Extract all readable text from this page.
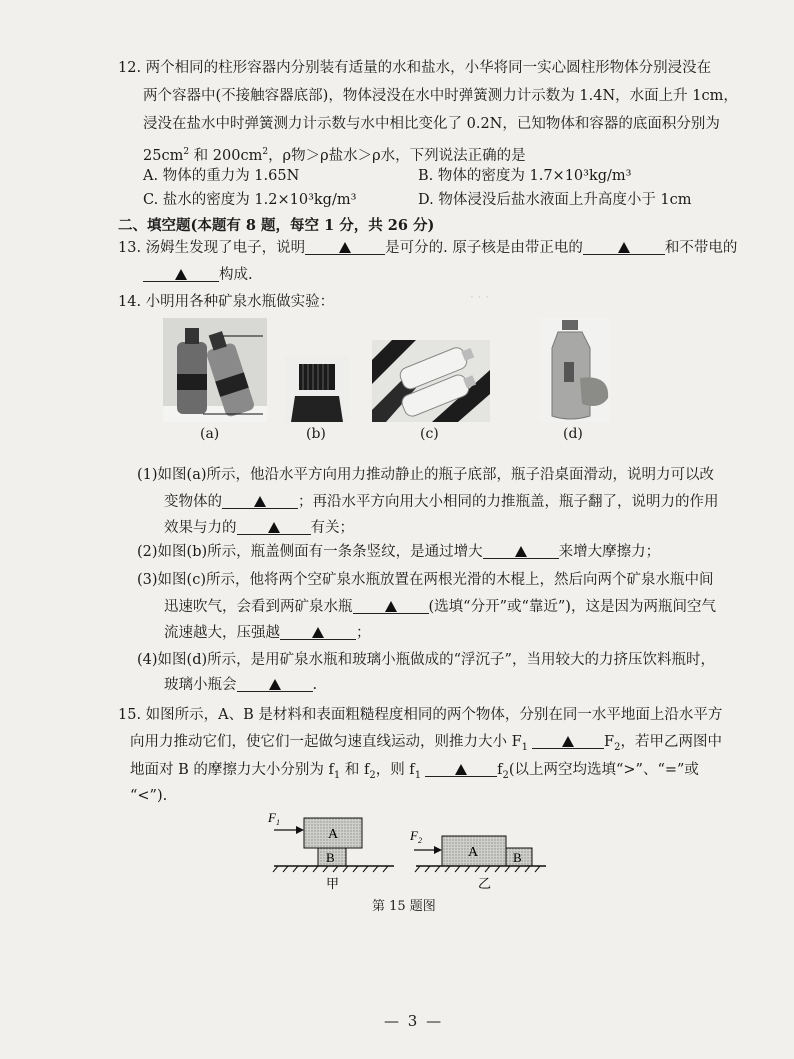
· · ·
12. 两个相同的柱形容器内分别装有适量的水和盐水，小华将同一实心圆柱形物体分别浸没在
两个容器中(不接触容器底部)，物体浸没在水中时弹簧测力计示数为 1.4N，水面上升 1cm，
浸没在盐水中时弹簧测力计示数与水中相比变化了 0.2N，已知物体和容器的底面积分别为
$25cm^2$ 和 $200cm^2$，ρ物＞ρ盐水＞ρ水，下列说法正确的是
A. 物体的重力为 1.65N	B. 物体的密度为 1.7×10³kg/m³
C. 盐水的密度为 1.2×10³kg/m³	D. 物体浸没后盐水液面上升高度小于 1cm
二、填空题(本题有 8 题，每空 1 分，共 26 分)
13. 汤姆生发现了电子，说明	是可分的. 原子核是由带正电的	和不带电的
构成.
14. 小明用各种矿泉水瓶做实验：
(a)	(b)	(c)	(d)
(1)如图(a)所示，他沿水平方向用力推动静止的瓶子底部，瓶子沿桌面滑动，说明力可以改
变物体的	；再沿水平方向用大小相同的力推瓶盖，瓶子翻了，说明力的作用
效果与力的	有关；
(2)如图(b)所示，瓶盖侧面有一条条竖纹，是通过增大	来增大摩擦力；
(3)如图(c)所示，他将两个空矿泉水瓶放置在两根光滑的木棍上，然后向两个矿泉水瓶中间
迅速吹气，会看到两矿泉水瓶	(选填“分开”或“靠近”)，这是因为两瓶间空气
流速越大，压强越	；
(4)如图(d)所示，是用矿泉水瓶和玻璃小瓶做成的“浮沉子”，当用较大的力挤压饮料瓶时，
玻璃小瓶会	.
15. 如图所示，A、B 是材料和表面粗糙程度相同的两个物体，分别在同一水平地面上沿水平方
向用力推动它们，使它们一起做匀速直线运动，则推力大小 $F_1$	$F_2$，若甲乙两图中
地面对 B 的摩擦力大小分别为 $f_1$ 和 $f_2$，则 $f_1$	$f_2$(以上两空均选填“>”、“=”或
“<”).
A
B
$F_1$
甲
A	B
$F_2$
乙
第 15 题图
— 3 —
